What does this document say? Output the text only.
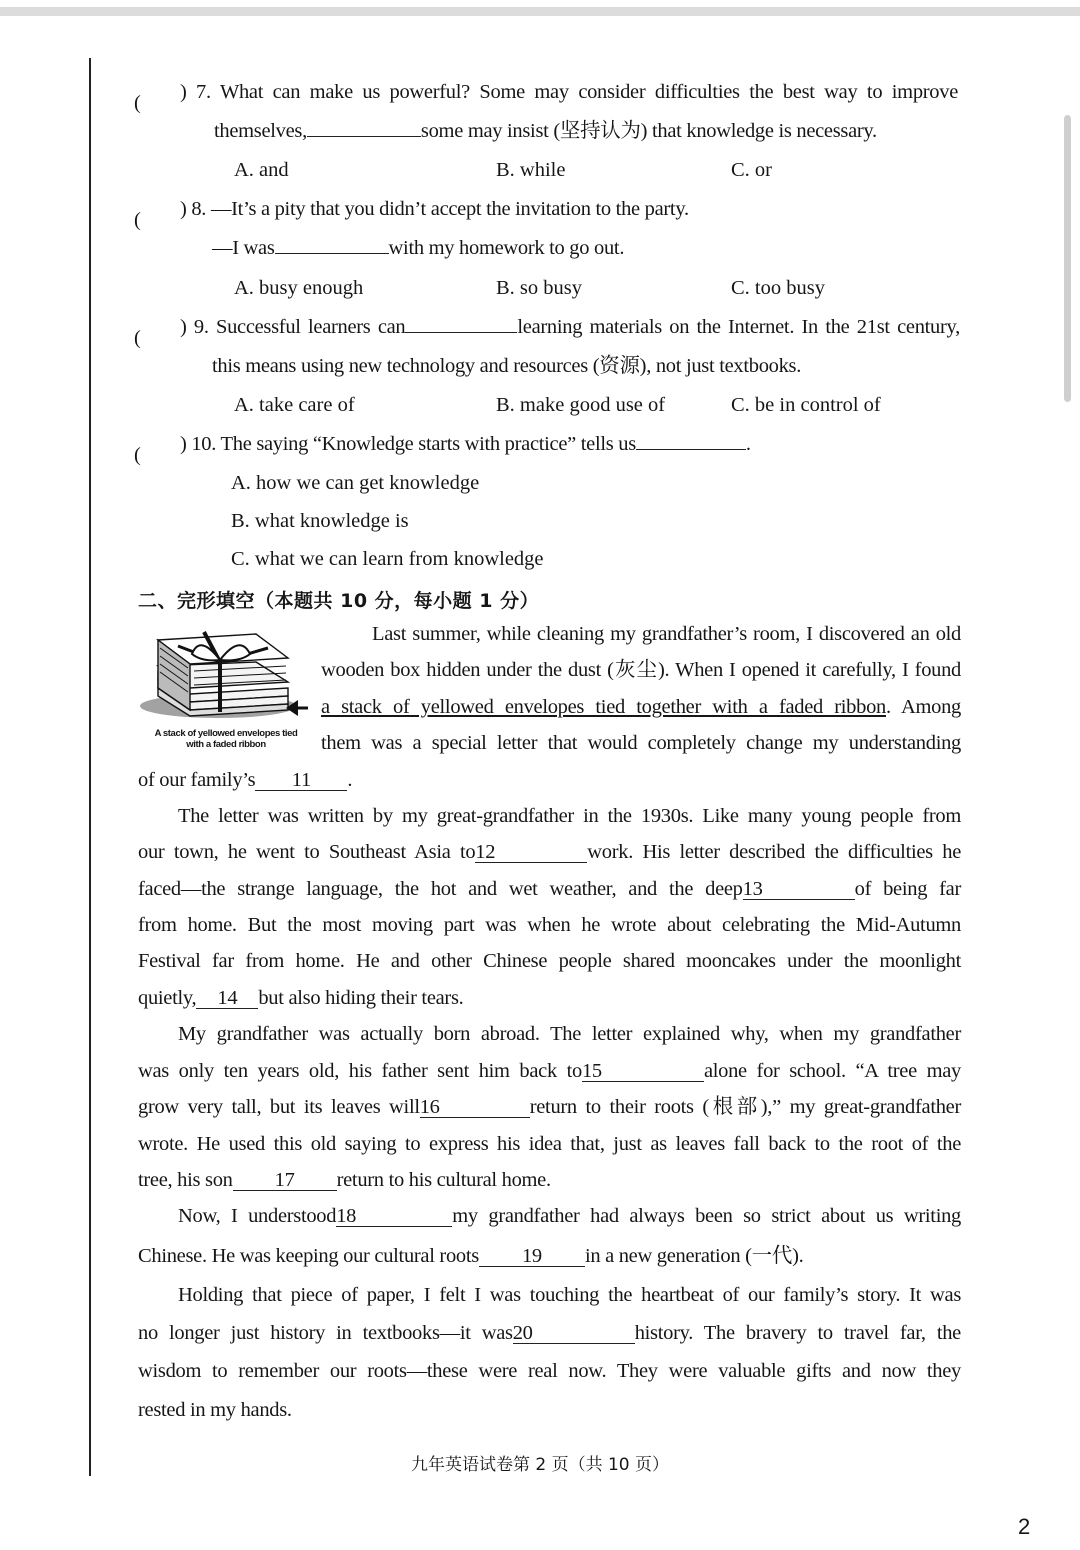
( ) 7. What can make us powerful? Some may consider difficulties the best way to improve
themselves,	some may insist (坚持认为) that knowledge is necessary.
A. and	B. while	C. or
( ) 8. —It’s a pity that you didn’t accept the invitation to the party.
—I was	with my homework to go out.
A. busy enough	B. so busy	C. too busy
( ) 9. Successful learners can	learning materials on the Internet. In the 21st century,
this means using new technology and resources (资源), not just textbooks.
A. take care of	B. make good use of	C. be in control of
( ) 10. The saying “Knowledge starts with practice” tells us	.
A. how we can get knowledge
B. what knowledge is
C. what we can learn from knowledge
二、完形填空（本题共 10 分，每小题 1 分）
A stack of yellowed envelopes tied with a faded ribbon
Last summer, while cleaning my grandfather’s room, I discovered an old
wooden box hidden under the dust (灰尘). When I opened it carefully, I found
a stack of yellowed envelopes tied together with a faded ribbon. Among
them was a special letter that would completely change my understanding
of our family’s 11 .
The letter was written by my great-grandfather in the 1930s. Like many young people from
our town, he went to Southeast Asia to12	work. His letter described the difficulties he
faced—the strange language, the hot and wet weather, and the deep13	of being far
from home. But the most moving part was when he wrote about celebrating the Mid-Autumn
Festival far from home. He and other Chinese people shared mooncakes under the moonlight
quietly, 14 but also hiding their tears.
My grandfather was actually born abroad. The letter explained why, when my grandfather
was only ten years old, his father sent him back to15	alone for school. “A tree may
grow very tall, but its leaves will16	return to their roots (根部),” my great-grandfather
wrote. He used this old saying to express his idea that, just as leaves fall back to the root of the
tree, his son 17 return to his cultural home.
Now, I understood18	my grandfather had always been so strict about us writing
Chinese. He was keeping our cultural roots 19 in a new generation (一代).
Holding that piece of paper, I felt I was touching the heartbeat of our family’s story. It was
no longer just history in textbooks—it was20	history. The bravery to travel far, the
wisdom to remember our roots—these were real now. They were valuable gifts and now they
rested in my hands.
九年英语试卷第 2 页（共 10 页）
2
